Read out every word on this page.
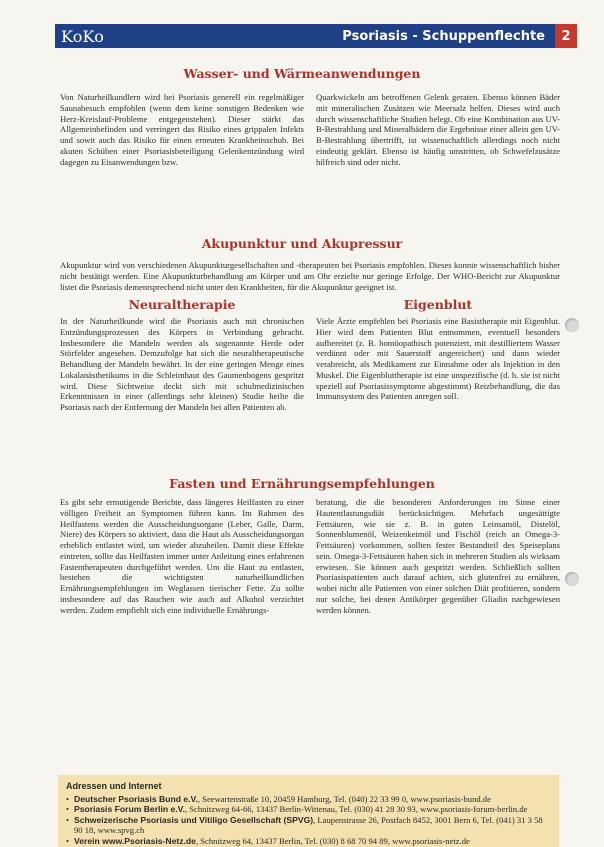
KoKo	Psoriasis - Schuppenflechte	2
Wasser- und Wärmeanwendungen

Von Naturheilkundlern wird bei Psoriasis generell ein regelmäßiger Saunabesuch empfohlen (wenn dem keine sonstigen Bedenken wie Herz-Kreislauf-Probleme entgegenstehen). Dieser stärkt das Allgemeinbefinden und verringert das Risiko eines grippalen Infekts und sowit auch das Risiko für einen erneuten Krankheitsschub. Bei akuten Schüben einer Psoriasisbeteiligung Gelenkentzündung wird dagegen zu Eisanwendungen bzw.

Quarkwickeln am betroffenen Gelenk geraten. Ebenso können Bäder mit mineralischen Zusätzen wie Meersalz helfen. Dieses wird auch durch wissenschaftliche Studien belegt. Ob eine Kombination aus UV-B-Bestrahlung und Mineralbädern die Ergebnisse einer allein gen UV-B-Bestrahlung übertrifft, ist wissenschaftlich allerdings noch nicht eindeutig geklärt. Ebenso ist häufig umstritten, ob Schwefelzusätze hilfreich sind oder nicht.

Akupunktur und Akupressur

Akupunktur wird von verschiedenen Akupunkturgesellschaften und -therapeuten bei Psoriasis empfohlen. Dieses konnte wissenschaftlich bisher nicht bestätigt werden. Eine Akupunkturbehandlung am Körper und am Ohr erzielte nur geringe Erfolge. Der WHO-Bericht zur Akupunktur listet die Psoriasis dementsprechend nicht unter den Krankheiten, für die Akupunktur geeignet ist.

Neuraltherapie	Eigenblut

In der Naturheilkunde wird die Psoriasis auch mit chronischen Entzündungsprozessen des Körpers in Verbindung gebracht. Insbesondere die Mandeln werden als sogenannte Herde oder Störfelder angesehen. Demzufolge hat sich die neuraltherapeutische Behandlung der Mandeln bewährt. In der eine geringen Menge eines Lokalanästhetikums in die Schleimhaut des Gaumenbogens gespritzt wird. Diese Sichtweise deckt sich mit schulmedizinischen Erkenntnissen in einer (allerdings sehr kleinen) Studie heilte die Psoriasis nach der Entfernung der Mandeln bei allen Patienten ab.

Viele Ärzte empfehlen bei Psoriasis eine Basistherapie mit Eigenblut. Hier wird dem Patienten Blut entnommen, eventuell besonders aufbereitet (z. B. homöopathisch potenziert, mit destilliertem Wasser verdünnt oder mit Sauerstoff angereichert) und dann wieder verabreicht, als Medikament zur Einnahme oder als Injektion in den Muskel. Die Eigenbluttherapie ist eine unspezifische (d. h. sie ist nicht speziell auf Psoriasissymptome abgestimmt) Reizbehandlung, die das Immunsystem des Patienten anregen soll.

Fasten und Ernährungsempfehlungen

Es gibt sehr ermutigende Berichte, dass längeres Heilfasten zu einer völligen Freiheit an Symptomen führen kann. Im Rahmen des Heilfastens werden die Ausscheidungsorgane (Leber, Galle, Darm, Niere) des Körpers so aktiviert, dass die Haut als Ausscheidungsorgan erheblich entlastet wird, um wieder abzuheilen. Damit diese Effekte eintreten, sollte das Heilfasten immer unter Anleitung eines erfahrenen Fastentherapeuten durchgeführt werden. Um die Haut zu entlasten, bestehen die wichtigsten naturheilkundlichen Ernährungsempfehlungen im Weglassen tierischer Fette. Zu sollte insbesondere auf das Rauchen wie auch auf Alkohol verzichtet werden. Zudem empfiehlt sich eine individuelle Ernährungs-

beratung, die die besonderen Anforderungen im Sinne einer Hautentlastungsdiät berücksichtigen. Mehrfach ungesättigte Fettsäuren, wie sie z. B. in guten Leinsamöl, Distelöl, Sonnenblumenöl, Weizenkeimöl und Fischöl (reich an Omega-3-Fettsäuren) vorkommen, sollten fester Bestandteil des Speiseplans sein. Omega-3-Fettsäuren haben sich in mehreren Studien als wirksam erwiesen. Sie können auch gespritzt werden. Schließlich sollten Psoriasispatienten auch darauf achten, sich glutenfrei zu ernähren, wobei nicht alle Patienten von einer solchen Diät profitieren, sondern nur solche, bei denen Antikörper gegenüber Gliadin nachgewiesen werden können.

Adressen und Internet
• Deutscher Psoriasis Bund e.V., Seewartenstraße 10, 20459 Hamburg, Tel. (040) 22 33 99 0, www.psoriasis-bund.de
• Psoriasis Forum Berlin e.V., Schnitzweg 64-66, 13437 Berlin-Wittenau, Tel. (030) 41 28 30 93, www.psoriasis-forum-berlin.de
• Schweizerische Psoriasis und Vitiligo Gesellschaft (SPVG), Laupenstrasse 26, Postfach 8452, 3001 Bern 6, Tel. (041) 31 3 58 90 18, www.spvg.ch
• Verein www.Psoriasis-Netz.de, Schnitzweg 64, 13437 Berlin, Tel. (030) 8 68 70 94 89, www.psoriasis-netz.de
